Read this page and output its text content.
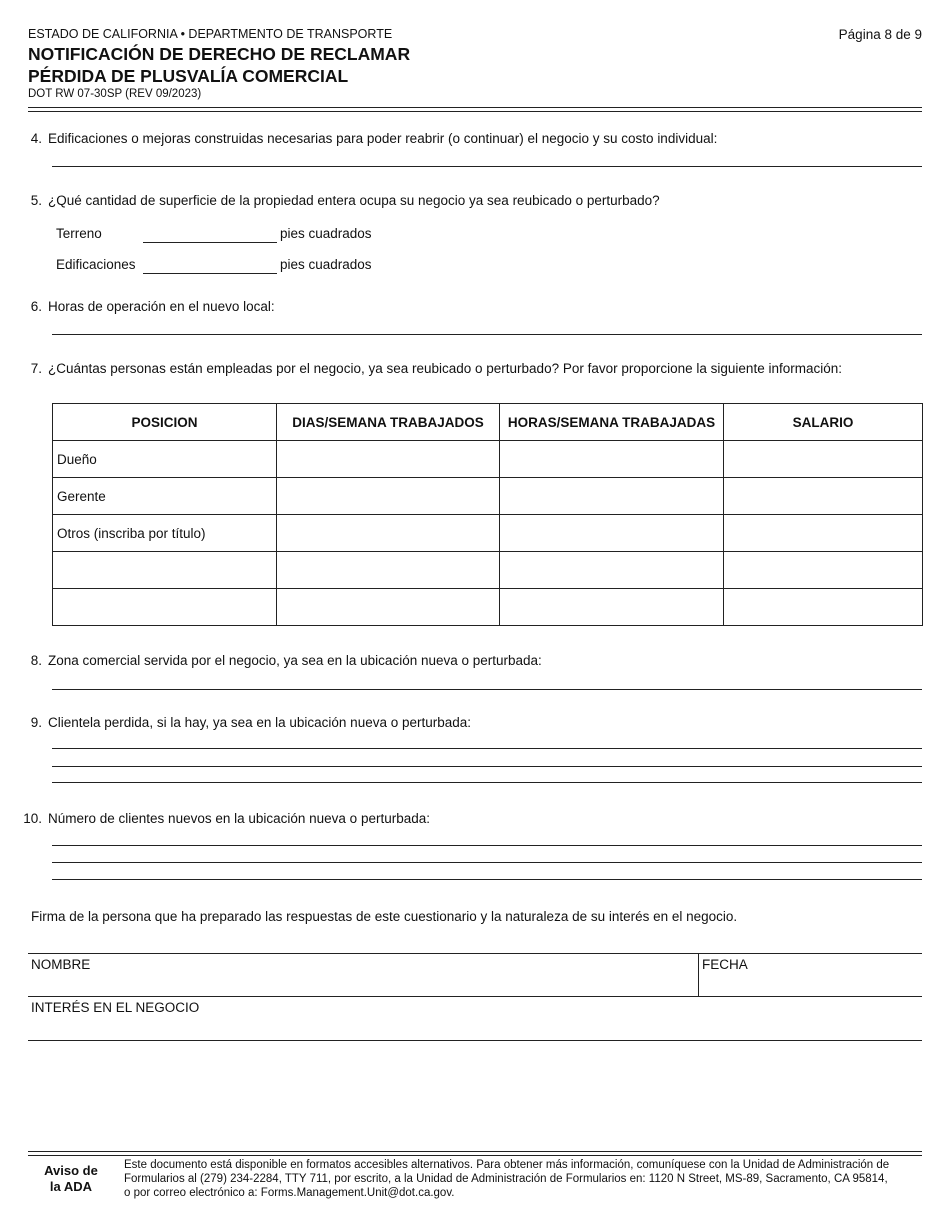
ESTADO DE CALIFORNIA • DEPARTMENTO DE TRANSPORTE	Página 8 de 9
NOTIFICACIÓN DE DERECHO DE RECLAMAR
PÉRDIDA DE PLUSVALÍA COMERCIAL
DOT RW 07-30SP (REV 09/2023)
4. Edificaciones o mejoras construidas necesarias para poder reabrir (o continuar) el negocio y su costo individual:
5. ¿Qué cantidad de superficie de la propiedad entera ocupa su negocio ya sea reubicado o perturbado?
Terreno	pies cuadrados
Edificaciones	pies cuadrados
6. Horas de operación en el nuevo local:
7. ¿Cuántas personas están empleadas por el negocio, ya sea reubicado o perturbado? Por favor proporcione la siguiente información:
POSICION	DIAS/SEMANA TRABAJADOS	HORAS/SEMANA TRABAJADAS	SALARIO
Dueño			
Gerente			
Otros (inscriba por título)			

8. Zona comercial servida por el negocio, ya sea en la ubicación nueva o perturbada:
9. Clientela perdida, si la hay, ya sea en la ubicación nueva o perturbada:
10. Número de clientes nuevos en la ubicación nueva o perturbada:
Firma de la persona que ha preparado las respuestas de este cuestionario y la naturaleza de su interés en el negocio.
NOMBRE	FECHA
INTERÉS EN EL NEGOCIO
Aviso de
la ADA
Este documento está disponible en formatos accesibles alternativos. Para obtener más información, comuníquese con la Unidad de Administración de
Formularios al (279) 234-2284, TTY 711, por escrito, a la Unidad de Administración de Formularios en: 1120 N Street, MS-89, Sacramento, CA 95814,
o por correo electrónico a: Forms.Management.Unit@dot.ca.gov.
